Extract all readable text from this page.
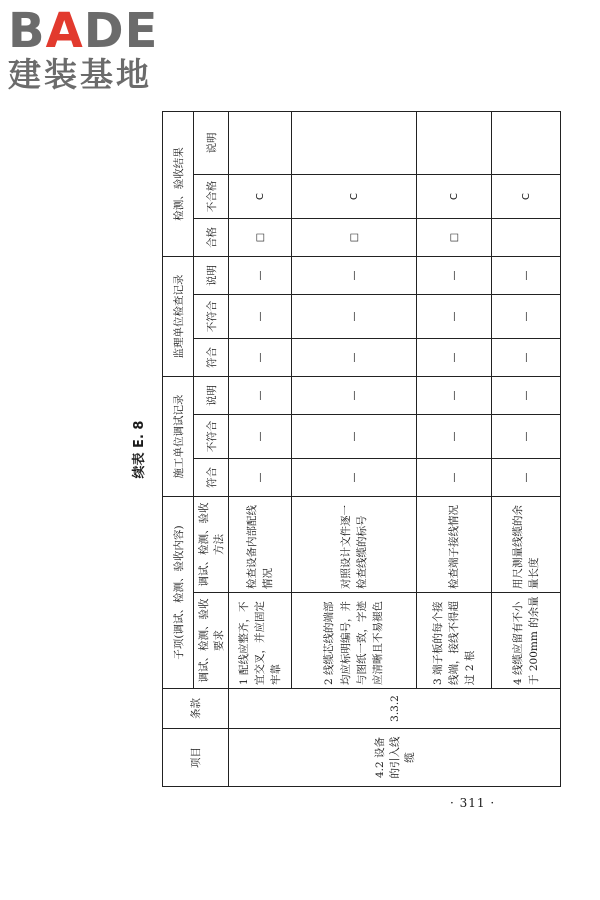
BADE
建装基地
续表 E. 8
项目	条款	子项(调试、检测、验收内容)		施工单位调试记录			监理单位检查记录			检测、验收结果		

		调试、检测、验收要求	调试、检测、验收方法	符合	不符合	说明	符合	不符合	说明	合格	不合格	说明
4.2 设备的引入线缆	3.3.2	1 配线应整齐，不宜交叉，并应固定牢靠	检查设备内部配线情况	—	—	—	—	—	—	□	C	
		2 线缆芯线的端部均应标明编号，并与图纸一致，字迹应清晰且不易褪色	对照设计文件逐一检查线缆的标号	—	—	—	—	—	—	□	C	
		3 端子板的每个接线端，接线不得超过 2 根	检查端子接线情况	—	—	—	—	—	—	□	C	
		4 线缆应留有不小于 200mm 的余量	用尺测量线缆的余量长度	—	—	—	—	—	—		C	
· 311 ·
